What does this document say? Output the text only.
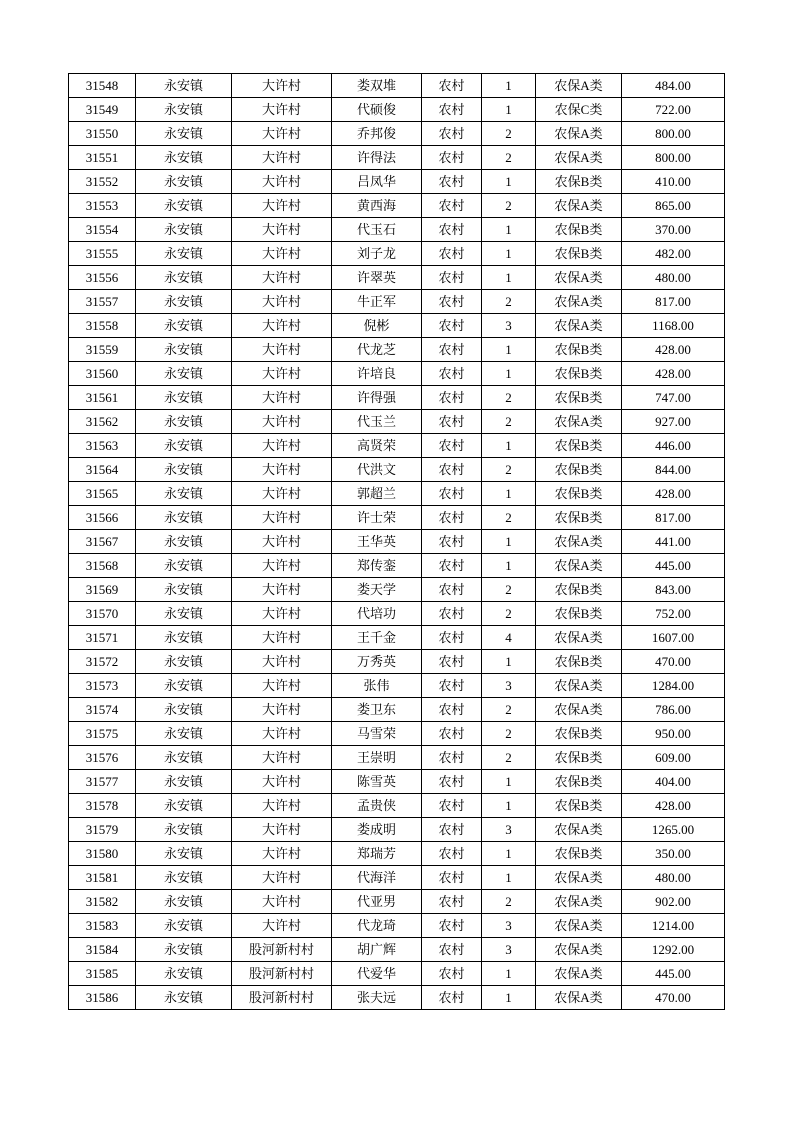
31548	永安镇	大许村	娄双堆	农村	1	农保A类	484.00
31549	永安镇	大许村	代硕俊	农村	1	农保C类	722.00
31550	永安镇	大许村	乔邦俊	农村	2	农保A类	800.00
31551	永安镇	大许村	许得法	农村	2	农保A类	800.00
31552	永安镇	大许村	吕凤华	农村	1	农保B类	410.00
31553	永安镇	大许村	黄西海	农村	2	农保A类	865.00
31554	永安镇	大许村	代玉石	农村	1	农保B类	370.00
31555	永安镇	大许村	刘子龙	农村	1	农保B类	482.00
31556	永安镇	大许村	许翠英	农村	1	农保A类	480.00
31557	永安镇	大许村	牛正军	农村	2	农保A类	817.00
31558	永安镇	大许村	倪彬	农村	3	农保A类	1168.00
31559	永安镇	大许村	代龙芝	农村	1	农保B类	428.00
31560	永安镇	大许村	许培良	农村	1	农保B类	428.00
31561	永安镇	大许村	许得强	农村	2	农保B类	747.00
31562	永安镇	大许村	代玉兰	农村	2	农保A类	927.00
31563	永安镇	大许村	高贤荣	农村	1	农保B类	446.00
31564	永安镇	大许村	代洪文	农村	2	农保B类	844.00
31565	永安镇	大许村	郭超兰	农村	1	农保B类	428.00
31566	永安镇	大许村	许士荣	农村	2	农保B类	817.00
31567	永安镇	大许村	王华英	农村	1	农保A类	441.00
31568	永安镇	大许村	郑传銮	农村	1	农保A类	445.00
31569	永安镇	大许村	娄天学	农村	2	农保B类	843.00
31570	永安镇	大许村	代培功	农村	2	农保B类	752.00
31571	永安镇	大许村	王千金	农村	4	农保A类	1607.00
31572	永安镇	大许村	万秀英	农村	1	农保B类	470.00
31573	永安镇	大许村	张伟	农村	3	农保A类	1284.00
31574	永安镇	大许村	娄卫东	农村	2	农保A类	786.00
31575	永安镇	大许村	马雪荣	农村	2	农保B类	950.00
31576	永安镇	大许村	王崇明	农村	2	农保B类	609.00
31577	永安镇	大许村	陈雪英	农村	1	农保B类	404.00
31578	永安镇	大许村	孟贵侠	农村	1	农保B类	428.00
31579	永安镇	大许村	娄成明	农村	3	农保A类	1265.00
31580	永安镇	大许村	郑瑞芳	农村	1	农保B类	350.00
31581	永安镇	大许村	代海洋	农村	1	农保A类	480.00
31582	永安镇	大许村	代亚男	农村	2	农保A类	902.00
31583	永安镇	大许村	代龙琦	农村	3	农保A类	1214.00
31584	永安镇	股河新村村	胡广辉	农村	3	农保A类	1292.00
31585	永安镇	股河新村村	代爱华	农村	1	农保A类	445.00
31586	永安镇	股河新村村	张夫远	农村	1	农保A类	470.00
